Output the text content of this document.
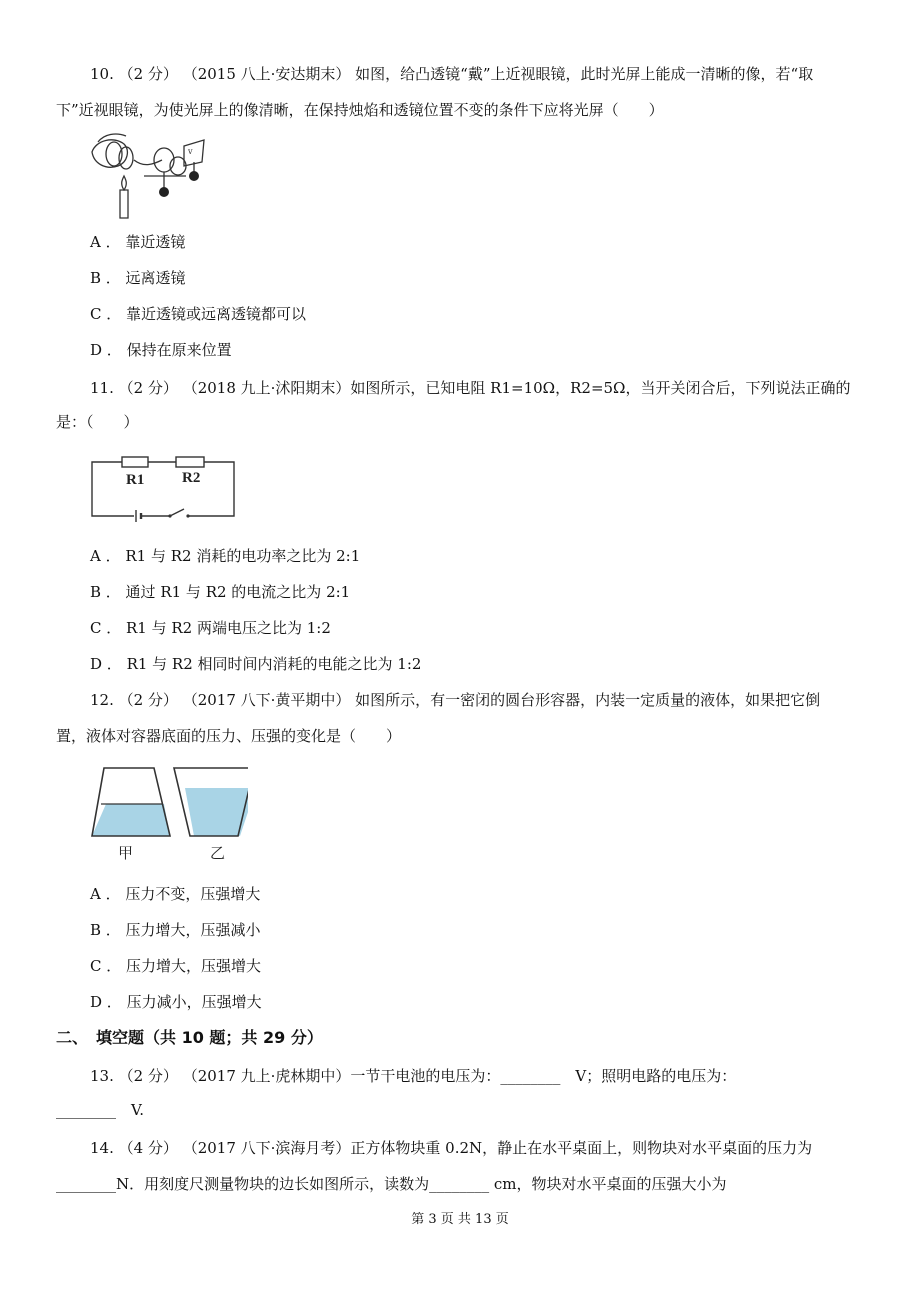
10. （2 分） （2015 八上·安达期末） 如图，给凸透镜“戴”上近视眼镜，此时光屏上能成一清晰的像，若“取
下”近视眼镜，为使光屏上的像清晰，在保持烛焰和透镜位置不变的条件下应将光屏（　　）
v
A ． 靠近透镜
B ． 远离透镜
C ． 靠近透镜或远离透镜都可以
D ． 保持在原来位置
11. （2 分） （2018 九上·沭阳期末）如图所示，已知电阻 R1=10Ω，R2=5Ω，当开关闭合后，下列说法正确的
是：（　　）
R1	R2
A ． R1 与 R2 消耗的电功率之比为 2:1
B ． 通过 R1 与 R2 的电流之比为 2:1
C ． R1 与 R2 两端电压之比为 1:2
D ． R1 与 R2 相同时间内消耗的电能之比为 1:2
12. （2 分） （2017 八下·黄平期中） 如图所示，有一密闭的圆台形容器，内装一定质量的液体，如果把它倒
置，液体对容器底面的压力、压强的变化是（　　）
甲	乙
A ． 压力不变，压强增大
B ． 压力增大，压强减小
C ． 压力增大，压强增大
D ． 压力减小，压强增大
二、　填空题（共 10 题；共 29 分）
13. （2 分） （2017 九上·虎林期中）一节干电池的电压为：________　V；照明电路的电压为：
________　V.
14. （4 分） （2017 八下·滨海月考）正方体物块重 0.2N，静止在水平桌面上，则物块对水平桌面的压力为
________N．用刻度尺测量物块的边长如图所示，读数为________ cm，物块对水平桌面的压强大小为
第 3 页 共 13 页
